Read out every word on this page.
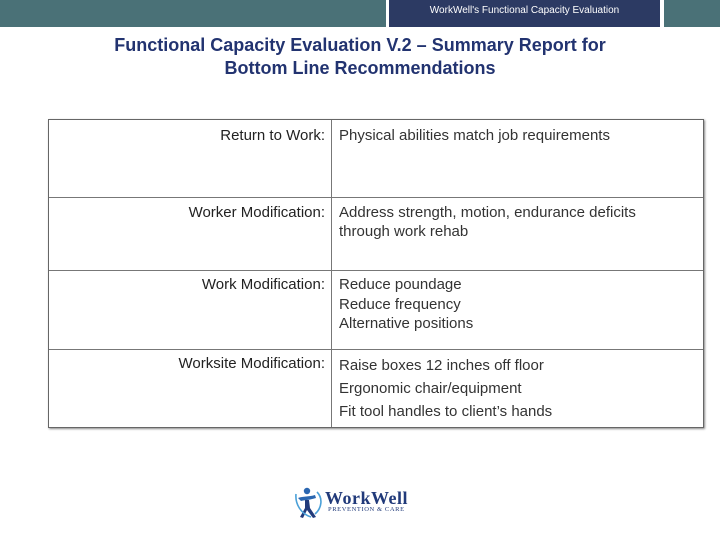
WorkWell's Functional Capacity Evaluation
Functional Capacity Evaluation V.2 – Summary Report for
Bottom Line Recommendations
Return to Work: Physical abilities match job requirements
Worker Modification: Address strength, motion, endurance deficits
through work rehab
Work Modification: Reduce poundage
Reduce frequency
Alternative positions
Worksite Modification: Raise boxes 12 inches off floor
Ergonomic chair/equipment
Fit tool handles to client’s hands
WorkWell
PREVENTION & CARE
